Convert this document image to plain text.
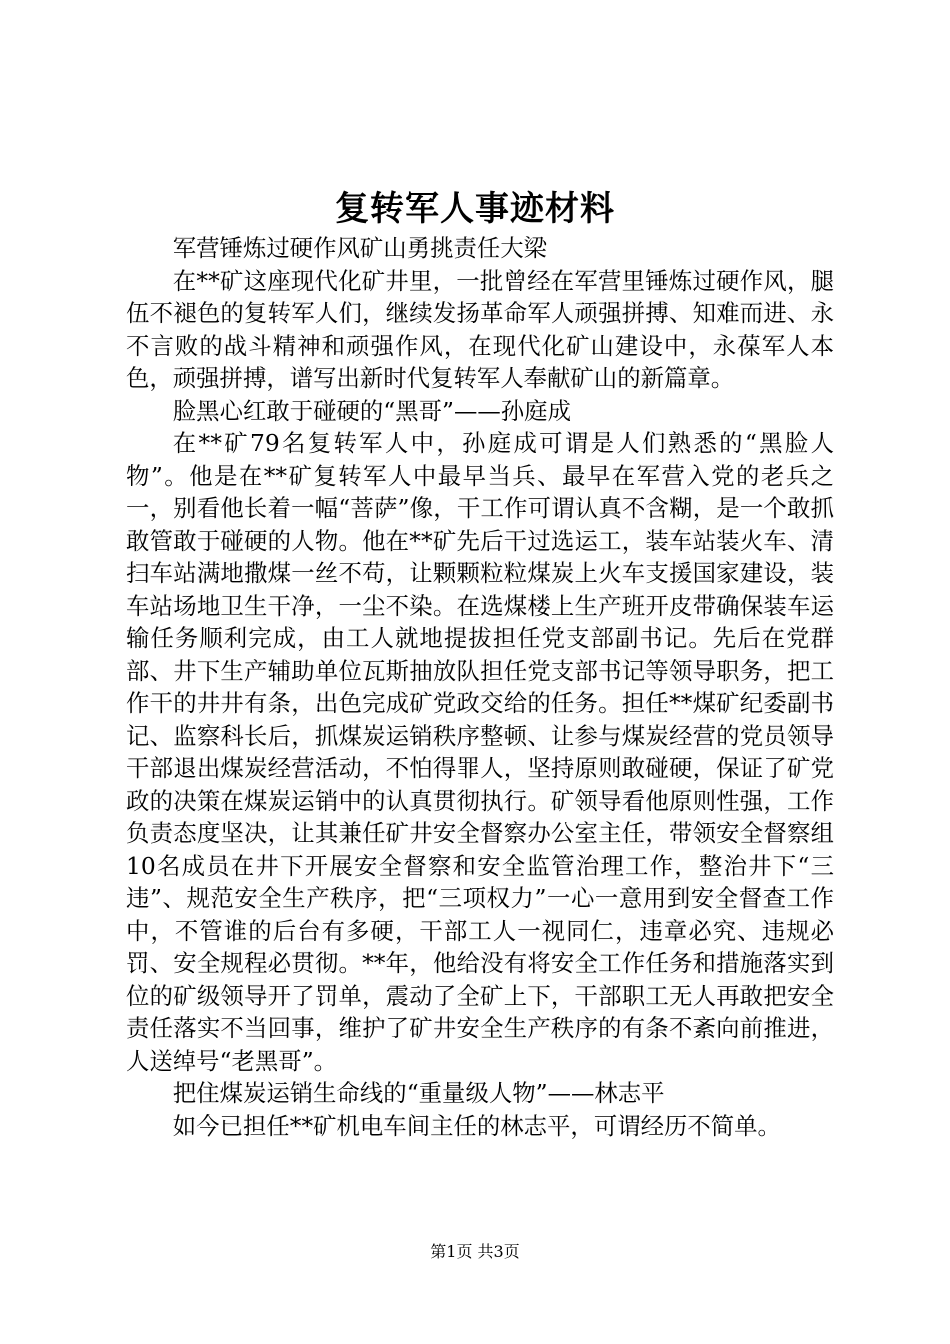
复转军人事迹材料

军营锤炼过硬作风矿山勇挑责任大梁

在**矿这座现代化矿井里，一批曾经在军营里锤炼过硬作风，腿伍不褪色的复转军人们，继续发扬革命军人顽强拼搏、知难而进、永不言败的战斗精神和顽强作风，在现代化矿山建设中，永葆军人本色，顽强拼搏，谱写出新时代复转军人奉献矿山的新篇章。

脸黑心红敢于碰硬的“黑哥”——孙庭成

在**矿79名复转军人中，孙庭成可谓是人们熟悉的“黑脸人物”。他是在**矿复转军人中最早当兵、最早在军营入党的老兵之一，别看他长着一幅“菩萨”像，干工作可谓认真不含糊，是一个敢抓敢管敢于碰硬的人物。他在**矿先后干过选运工，装车站装火车、清扫车站满地撒煤一丝不苟，让颗颗粒粒煤炭上火车支援国家建设，装车站场地卫生干净，一尘不染。在选煤楼上生产班开皮带确保装车运输任务顺利完成，由工人就地提拔担任党支部副书记。先后在党群部、井下生产辅助单位瓦斯抽放队担任党支部书记等领导职务，把工作干的井井有条，出色完成矿党政交给的任务。担任**煤矿纪委副书记、监察科长后，抓煤炭运销秩序整顿、让参与煤炭经营的党员领导干部退出煤炭经营活动，不怕得罪人，坚持原则敢碰硬，保证了矿党政的决策在煤炭运销中的认真贯彻执行。矿领导看他原则性强，工作负责态度坚决，让其兼任矿井安全督察办公室主任，带领安全督察组10名成员在井下开展安全督察和安全监管治理工作，整治井下“三违”、规范安全生产秩序，把“三项权力”一心一意用到安全督查工作中，不管谁的后台有多硬，干部工人一视同仁，违章必究、违规必罚、安全规程必贯彻。**年，他给没有将安全工作任务和措施落实到位的矿级领导开了罚单，震动了全矿上下，干部职工无人再敢把安全责任落实不当回事，维护了矿井安全生产秩序的有条不紊向前推进，人送绰号“老黑哥”。

把住煤炭运销生命线的“重量级人物”——林志平

如今已担任**矿机电车间主任的林志平，可谓经历不简单。

第1页 共3页
